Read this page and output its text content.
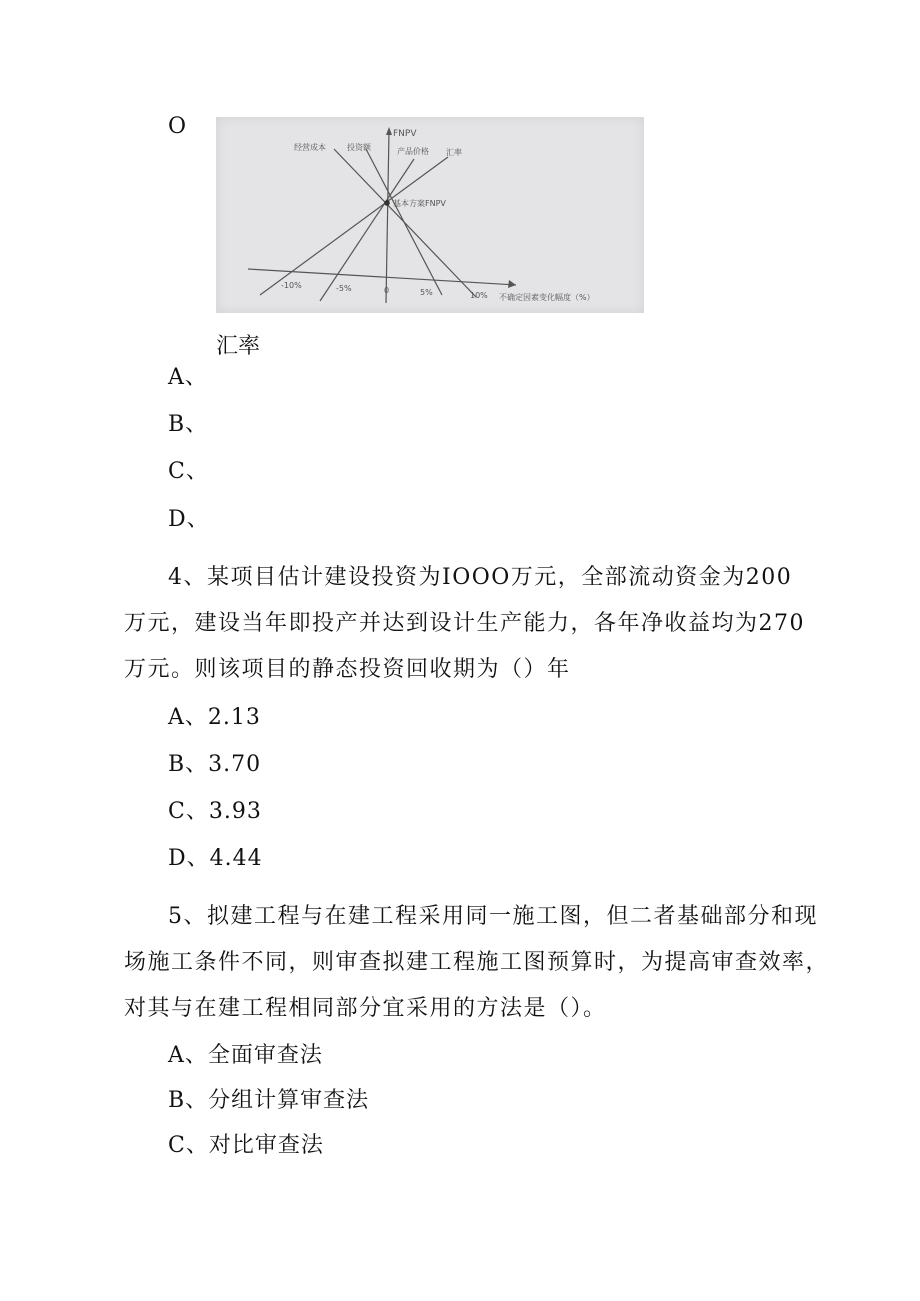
O	FNPV
经营成本	投资额	产品价格 汇率
基本方案FNPV
-10%	-5%	0	5%	10% 不确定因素变化幅度（%）
汇率
A、
B、
C、
D、
4、某项目估计建设投资为IOOO万元，全部流动资金为200
万元，建设当年即投产并达到设计生产能力，各年净收益均为270
万元。则该项目的静态投资回收期为（）年
A、2.13
B、3.70
C、3.93
D、4.44
5、拟建工程与在建工程采用同一施工图，但二者基础部分和现
场施工条件不同，则审查拟建工程施工图预算时，为提高审查效率，
对其与在建工程相同部分宜采用的方法是（）。
A、全面审查法
B、分组计算审查法
C、对比审查法
